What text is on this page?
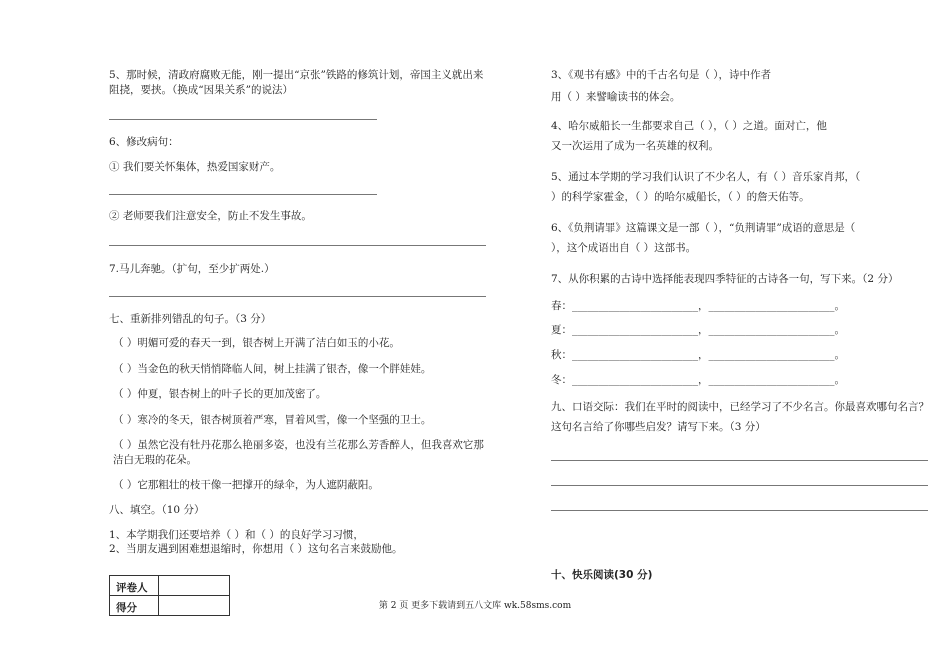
5、那时候，清政府腐败无能，刚一提出“京张”铁路的修筑计划，帝国主义就出来
阻挠，要挟。（换成“因果关系”的说法）
6、修改病句：
① 我们要关怀集体，热爱国家财产。
② 老师要我们注意安全，防止不发生事故。
7.马儿奔驰。（扩句，至少扩两处.）
七、重新排列错乱的句子。（3 分）
（ ）明媚可爱的春天一到，银杏树上开满了洁白如玉的小花。
（ ）当金色的秋天悄悄降临人间，树上挂满了银杏，像一个胖娃娃。
（ ）仲夏，银杏树上的叶子长的更加茂密了。
（ ）寒冷的冬天，银杏树顶着严寒，冒着风雪，像一个坚强的卫士。
（ ）虽然它没有牡丹花那么艳丽多姿，也没有兰花那么芳香醉人，但我喜欢它那
洁白无瑕的花朵。
（ ）它那粗壮的枝干像一把撑开的绿伞，为人遮阴蔽阳。
八、填空。（10 分）
1、本学期我们还要培养（ ）和（ ）的良好学习习惯，
2、当朋友遇到困难想退缩时，你想用（ ）这句名言来鼓励他。
评卷人	
得分	
3、《观书有感》中的千古名句是（ ），诗中作者
用（ ）来譬喻读书的体会。
4、哈尔威船长一生都要求自己（ ），（ ）之道。面对亡，他
又一次运用了成为一名英雄的权利。
5、通过本学期的学习我们认识了不少名人，有（ ）音乐家肖邦，（
）的科学家霍金，（ ）的哈尔威船长，（ ）的詹天佑等。
6、《负荆请罪》这篇课文是一部（ ），“负荆请罪”成语的意思是（
），这个成语出自（ ）这部书。
7、从你积累的古诗中选择能表现四季特征的古诗各一句，写下来。（2 分）
春：________________________，________________________。
夏：________________________，________________________。
秋：________________________，________________________。
冬：________________________，________________________。
九、口语交际：我们在平时的阅读中，已经学习了不少名言。你最喜欢哪句名言？
这句名言给了你哪些启发？请写下来。（3 分）
十、快乐阅读(30 分)
第 2 页 更多下载请到五八文库 wk.58sms.com
